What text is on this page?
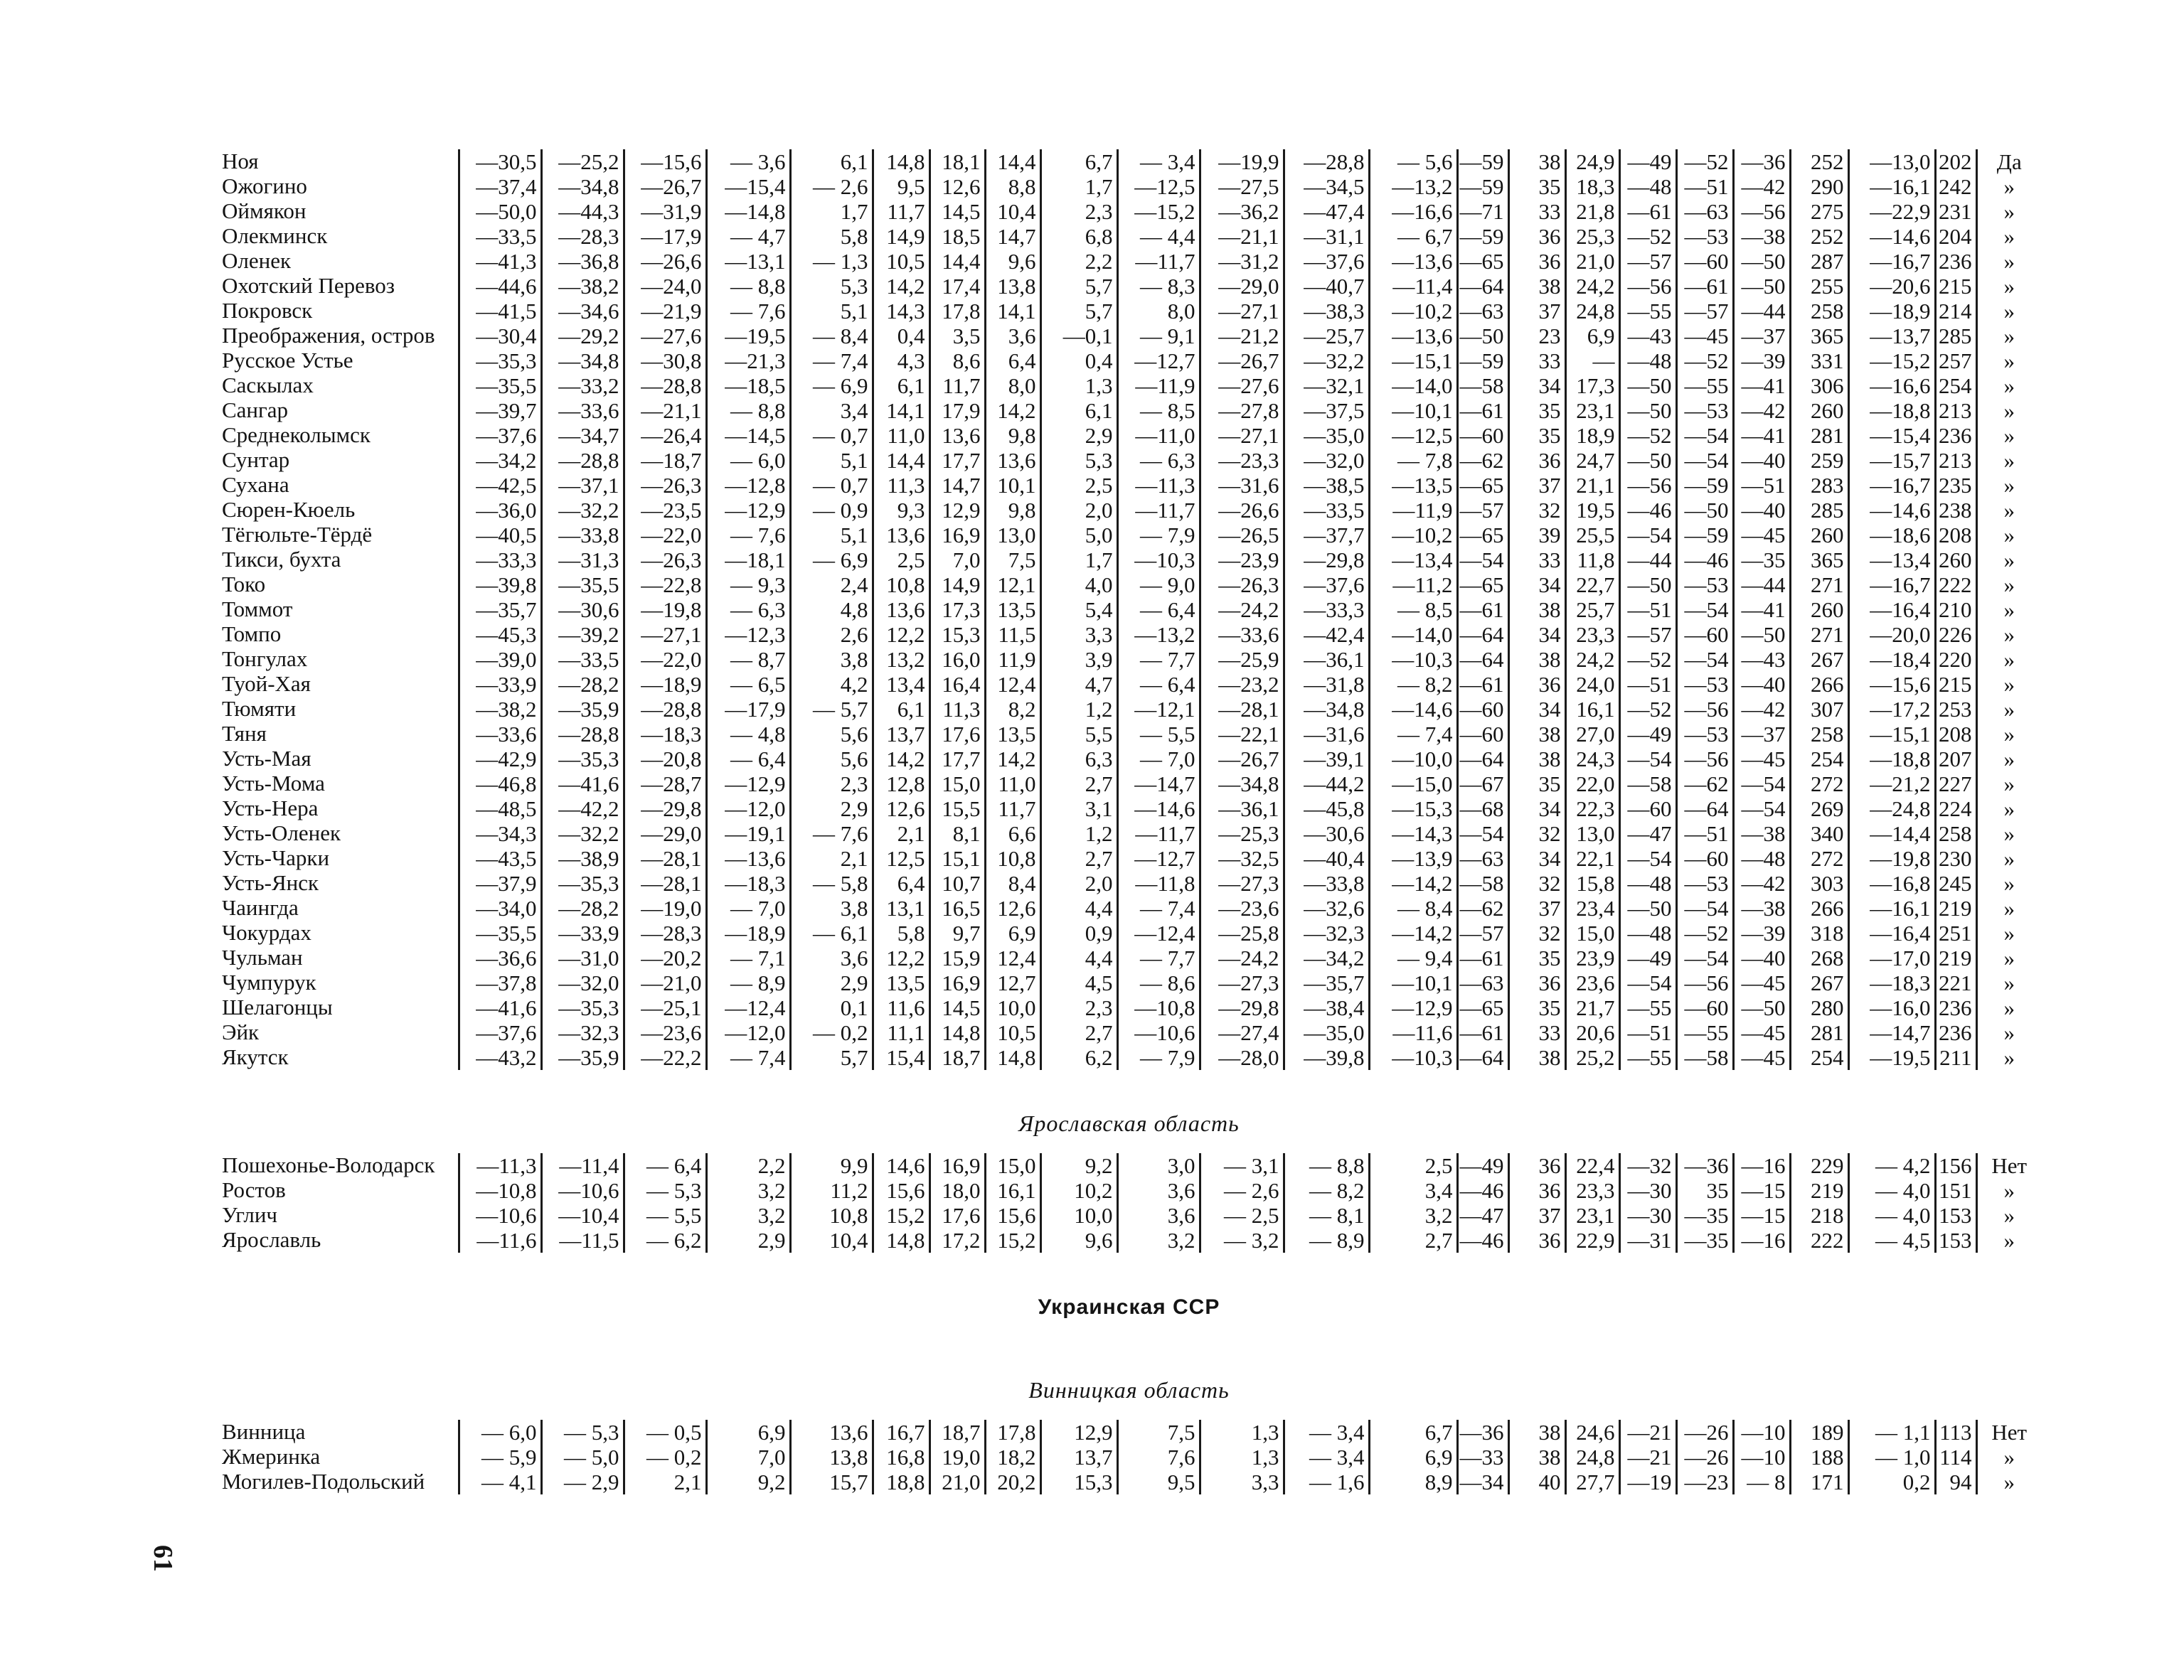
Ноя	—30,5	—25,2	—15,6	— 3,6	6,1	14,8	18,1	14,4	6,7	— 3,4	—19,9	—28,8	— 5,6	—59	38	24,9	—49	—52	—36	252	—13,0	202	Да
Ожогино	—37,4	—34,8	—26,7	—15,4	— 2,6	9,5	12,6	8,8	1,7	—12,5	—27,5	—34,5	—13,2	—59	35	18,3	—48	—51	—42	290	—16,1	242	»
Оймякон	—50,0	—44,3	—31,9	—14,8	1,7	11,7	14,5	10,4	2,3	—15,2	—36,2	—47,4	—16,6	—71	33	21,8	—61	—63	—56	275	—22,9	231	»
Олекминск	—33,5	—28,3	—17,9	— 4,7	5,8	14,9	18,5	14,7	6,8	— 4,4	—21,1	—31,1	— 6,7	—59	36	25,3	—52	—53	—38	252	—14,6	204	»
Оленек	—41,3	—36,8	—26,6	—13,1	— 1,3	10,5	14,4	9,6	2,2	—11,7	—31,2	—37,6	—13,6	—65	36	21,0	—57	—60	—50	287	—16,7	236	»
Охотский Перевоз	—44,6	—38,2	—24,0	— 8,8	5,3	14,2	17,4	13,8	5,7	— 8,3	—29,0	—40,7	—11,4	—64	38	24,2	—56	—61	—50	255	—20,6	215	»
Покровск	—41,5	—34,6	—21,9	— 7,6	5,1	14,3	17,8	14,1	5,7	8,0	—27,1	—38,3	—10,2	—63	37	24,8	—55	—57	—44	258	—18,9	214	»
Преображения, остров	—30,4	—29,2	—27,6	—19,5	— 8,4	0,4	3,5	3,6	—0,1	— 9,1	—21,2	—25,7	—13,6	—50	23	6,9	—43	—45	—37	365	—13,7	285	»
Русское Устье	—35,3	—34,8	—30,8	—21,3	— 7,4	4,3	8,6	6,4	0,4	—12,7	—26,7	—32,2	—15,1	—59	33	—	—48	—52	—39	331	—15,2	257	»
Саскылах	—35,5	—33,2	—28,8	—18,5	— 6,9	6,1	11,7	8,0	1,3	—11,9	—27,6	—32,1	—14,0	—58	34	17,3	—50	—55	—41	306	—16,6	254	»
Сангар	—39,7	—33,6	—21,1	— 8,8	3,4	14,1	17,9	14,2	6,1	— 8,5	—27,8	—37,5	—10,1	—61	35	23,1	—50	—53	—42	260	—18,8	213	»
Среднеколымск	—37,6	—34,7	—26,4	—14,5	— 0,7	11,0	13,6	9,8	2,9	—11,0	—27,1	—35,0	—12,5	—60	35	18,9	—52	—54	—41	281	—15,4	236	»
Сунтар	—34,2	—28,8	—18,7	— 6,0	5,1	14,4	17,7	13,6	5,3	— 6,3	—23,3	—32,0	— 7,8	—62	36	24,7	—50	—54	—40	259	—15,7	213	»
Сухана	—42,5	—37,1	—26,3	—12,8	— 0,7	11,3	14,7	10,1	2,5	—11,3	—31,6	—38,5	—13,5	—65	37	21,1	—56	—59	—51	283	—16,7	235	»
Сюрен-Кюель	—36,0	—32,2	—23,5	—12,9	— 0,9	9,3	12,9	9,8	2,0	—11,7	—26,6	—33,5	—11,9	—57	32	19,5	—46	—50	—40	285	—14,6	238	»
Тёгюльте-Тёрдё	—40,5	—33,8	—22,0	— 7,6	5,1	13,6	16,9	13,0	5,0	— 7,9	—26,5	—37,7	—10,2	—65	39	25,5	—54	—59	—45	260	—18,6	208	»
Тикси, бухта	—33,3	—31,3	—26,3	—18,1	— 6,9	2,5	7,0	7,5	1,7	—10,3	—23,9	—29,8	—13,4	—54	33	11,8	—44	—46	—35	365	—13,4	260	»
Токо	—39,8	—35,5	—22,8	— 9,3	2,4	10,8	14,9	12,1	4,0	— 9,0	—26,3	—37,6	—11,2	—65	34	22,7	—50	—53	—44	271	—16,7	222	»
Томмот	—35,7	—30,6	—19,8	— 6,3	4,8	13,6	17,3	13,5	5,4	— 6,4	—24,2	—33,3	— 8,5	—61	38	25,7	—51	—54	—41	260	—16,4	210	»
Томпо	—45,3	—39,2	—27,1	—12,3	2,6	12,2	15,3	11,5	3,3	—13,2	—33,6	—42,4	—14,0	—64	34	23,3	—57	—60	—50	271	—20,0	226	»
Тонгулах	—39,0	—33,5	—22,0	— 8,7	3,8	13,2	16,0	11,9	3,9	— 7,7	—25,9	—36,1	—10,3	—64	38	24,2	—52	—54	—43	267	—18,4	220	»
Туой-Хая	—33,9	—28,2	—18,9	— 6,5	4,2	13,4	16,4	12,4	4,7	— 6,4	—23,2	—31,8	— 8,2	—61	36	24,0	—51	—53	—40	266	—15,6	215	»
Тюмяти	—38,2	—35,9	—28,8	—17,9	— 5,7	6,1	11,3	8,2	1,2	—12,1	—28,1	—34,8	—14,6	—60	34	16,1	—52	—56	—42	307	—17,2	253	»
Тяня	—33,6	—28,8	—18,3	— 4,8	5,6	13,7	17,6	13,5	5,5	— 5,5	—22,1	—31,6	— 7,4	—60	38	27,0	—49	—53	—37	258	—15,1	208	»
Усть-Мая	—42,9	—35,3	—20,8	— 6,4	5,6	14,2	17,7	14,2	6,3	— 7,0	—26,7	—39,1	—10,0	—64	38	24,3	—54	—56	—45	254	—18,8	207	»
Усть-Мома	—46,8	—41,6	—28,7	—12,9	2,3	12,8	15,0	11,0	2,7	—14,7	—34,8	—44,2	—15,0	—67	35	22,0	—58	—62	—54	272	—21,2	227	»
Усть-Нера	—48,5	—42,2	—29,8	—12,0	2,9	12,6	15,5	11,7	3,1	—14,6	—36,1	—45,8	—15,3	—68	34	22,3	—60	—64	—54	269	—24,8	224	»
Усть-Оленек	—34,3	—32,2	—29,0	—19,1	— 7,6	2,1	8,1	6,6	1,2	—11,7	—25,3	—30,6	—14,3	—54	32	13,0	—47	—51	—38	340	—14,4	258	»
Усть-Чарки	—43,5	—38,9	—28,1	—13,6	2,1	12,5	15,1	10,8	2,7	—12,7	—32,5	—40,4	—13,9	—63	34	22,1	—54	—60	—48	272	—19,8	230	»
Усть-Янск	—37,9	—35,3	—28,1	—18,3	— 5,8	6,4	10,7	8,4	2,0	—11,8	—27,3	—33,8	—14,2	—58	32	15,8	—48	—53	—42	303	—16,8	245	»
Чаингда	—34,0	—28,2	—19,0	— 7,0	3,8	13,1	16,5	12,6	4,4	— 7,4	—23,6	—32,6	— 8,4	—62	37	23,4	—50	—54	—38	266	—16,1	219	»
Чокурдах	—35,5	—33,9	—28,3	—18,9	— 6,1	5,8	9,7	6,9	0,9	—12,4	—25,8	—32,3	—14,2	—57	32	15,0	—48	—52	—39	318	—16,4	251	»
Чульман	—36,6	—31,0	—20,2	— 7,1	3,6	12,2	15,9	12,4	4,4	— 7,7	—24,2	—34,2	— 9,4	—61	35	23,9	—49	—54	—40	268	—17,0	219	»
Чумпурук	—37,8	—32,0	—21,0	— 8,9	2,9	13,5	16,9	12,7	4,5	— 8,6	—27,3	—35,7	—10,1	—63	36	23,6	—54	—56	—45	267	—18,3	221	»
Шелагонцы	—41,6	—35,3	—25,1	—12,4	0,1	11,6	14,5	10,0	2,3	—10,8	—29,8	—38,4	—12,9	—65	35	21,7	—55	—60	—50	280	—16,0	236	»
Эйк	—37,6	—32,3	—23,6	—12,0	— 0,2	11,1	14,8	10,5	2,7	—10,6	—27,4	—35,0	—11,6	—61	33	20,6	—51	—55	—45	281	—14,7	236	»
Якутск	—43,2	—35,9	—22,2	— 7,4	5,7	15,4	18,7	14,8	6,2	— 7,9	—28,0	—39,8	—10,3	—64	38	25,2	—55	—58	—45	254	—19,5	211	»

Ярославская область																							
Пошехонье-Володарск	—11,3	—11,4	— 6,4	2,2	9,9	14,6	16,9	15,0	9,2	3,0	— 3,1	— 8,8	2,5	—49	36	22,4	—32	—36	—16	229	— 4,2	156	Нет
Ростов	—10,8	—10,6	— 5,3	3,2	11,2	15,6	18,0	16,1	10,2	3,6	— 2,6	— 8,2	3,4	—46	36	23,3	—30	35	—15	219	— 4,0	151	»
Углич	—10,6	—10,4	— 5,5	3,2	10,8	15,2	17,6	15,6	10,0	3,6	— 2,5	— 8,1	3,2	—47	37	23,1	—30	—35	—15	218	— 4,0	153	»
Ярославль	—11,6	—11,5	— 6,2	2,9	10,4	14,8	17,2	15,2	9,6	3,2	— 3,2	— 8,9	2,7	—46	36	22,9	—31	—35	—16	222	— 4,5	153	»

Украинская ССР																							

Винницкая область																							
Винница	— 6,0	— 5,3	— 0,5	6,9	13,6	16,7	18,7	17,8	12,9	7,5	1,3	— 3,4	6,7	—36	38	24,6	—21	—26	—10	189	— 1,1	113	Нет
Жмеринка	— 5,9	— 5,0	— 0,2	7,0	13,8	16,8	19,0	18,2	13,7	7,6	1,3	— 3,4	6,9	—33	38	24,8	—21	—26	—10	188	— 1,0	114	»
Могилев-Подольский	— 4,1	— 2,9	2,1	9,2	15,7	18,8	21,0	20,2	15,3	9,5	3,3	— 1,6	8,9	—34	40	27,7	—19	—23	— 8	171	0,2	94	»
61
